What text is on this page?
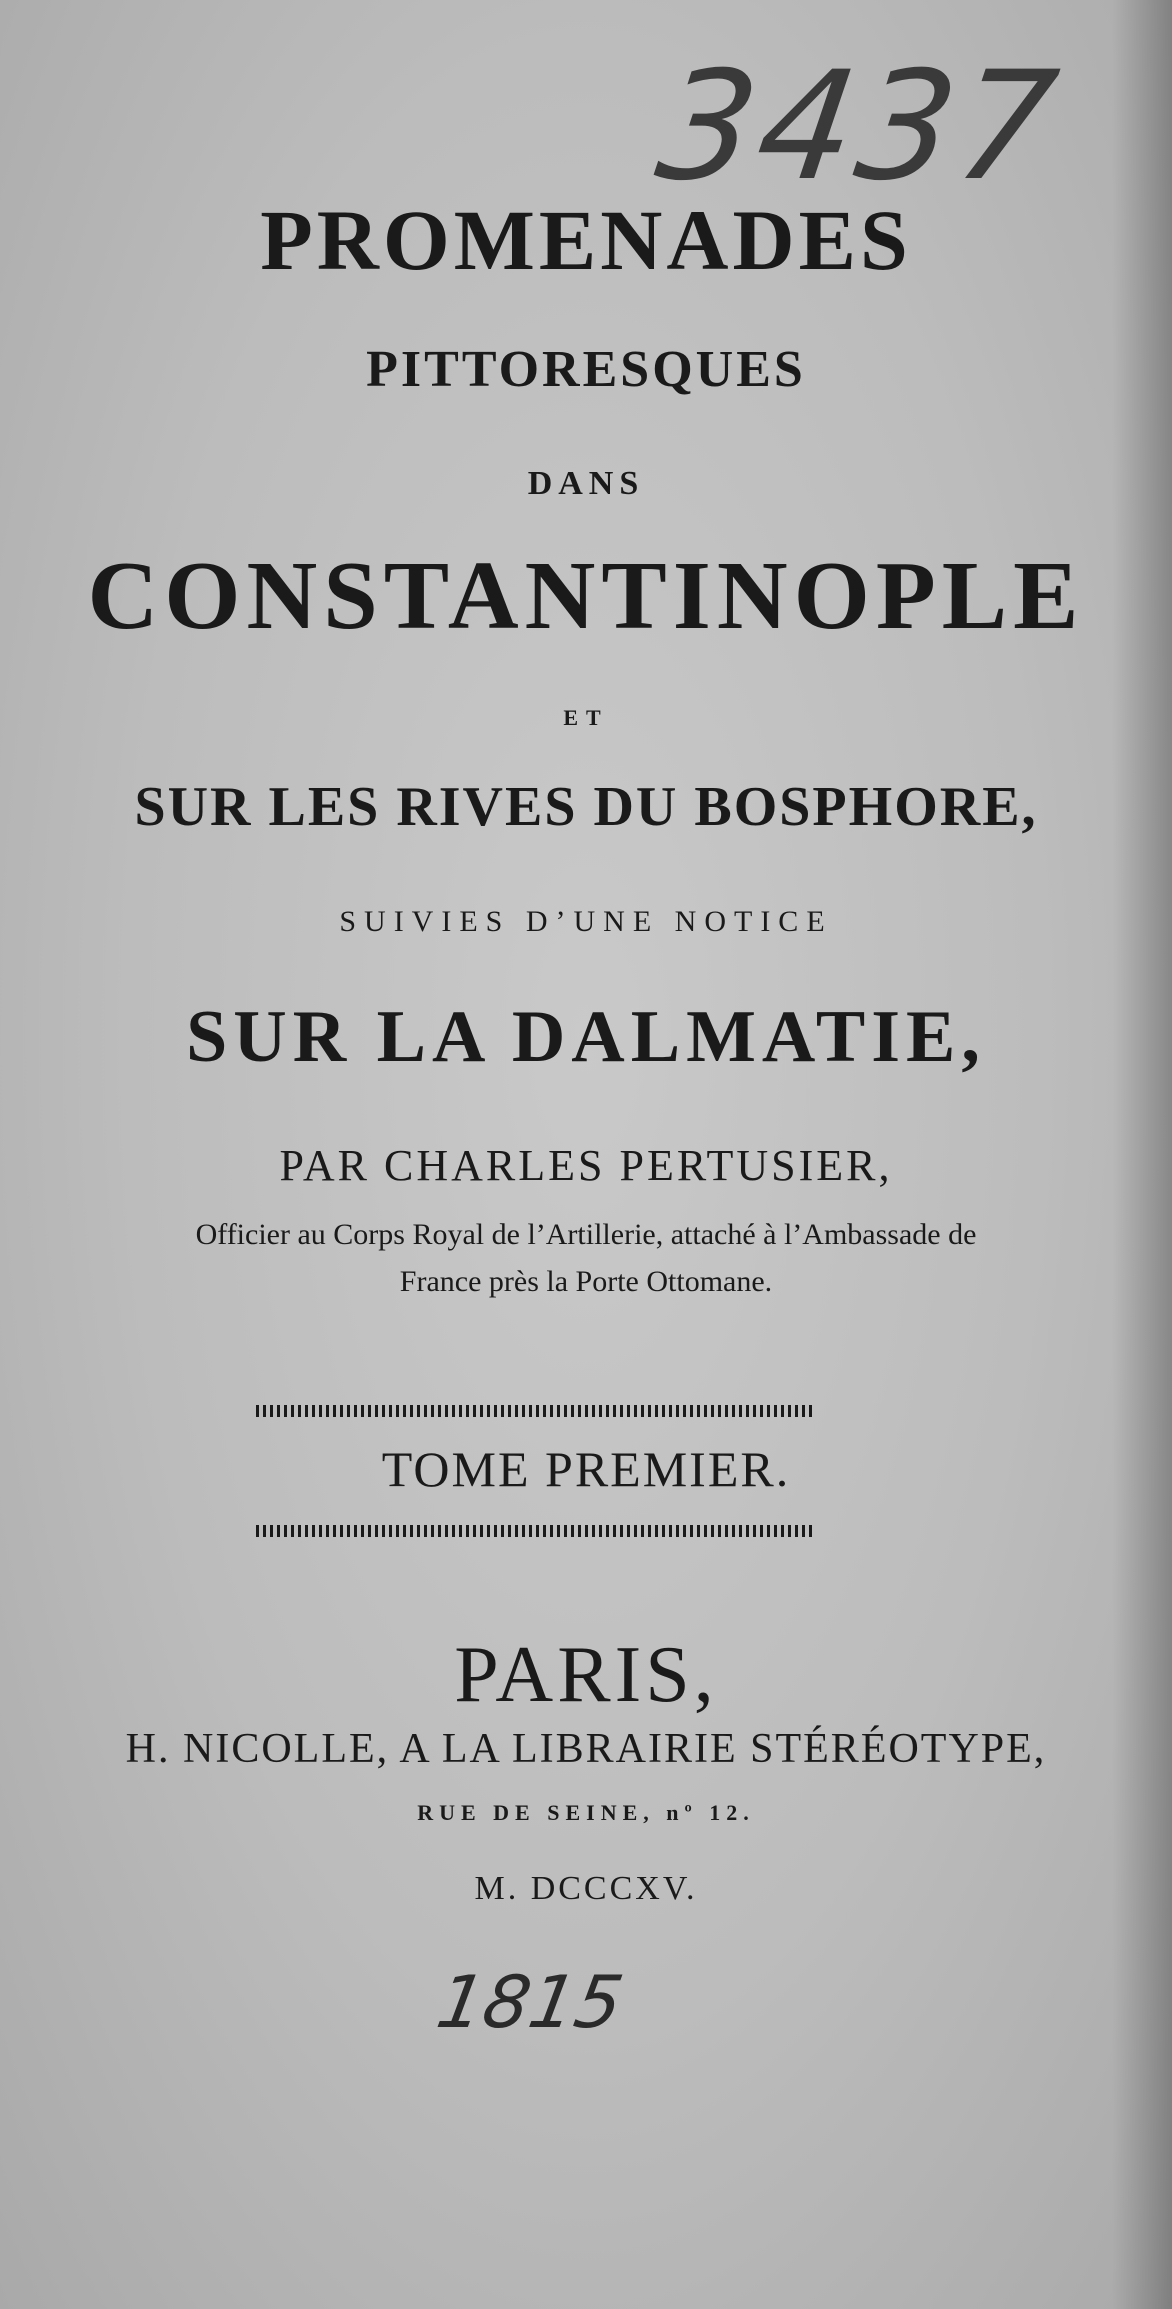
3437
PROMENADES
PITTORESQUES
DANS
CONSTANTINOPLE
ET
SUR LES RIVES DU BOSPHORE,
SUIVIES D’UNE NOTICE
SUR LA DALMATIE,
PAR CHARLES PERTUSIER,
Officier au Corps Royal de l’Artillerie, attaché à l’Ambassade de
France près la Porte Ottomane.
TOME PREMIER.
PARIS,
H. NICOLLE, A LA LIBRAIRIE STÉRÉOTYPE,
RUE DE SEINE, nº 12.
M. DCCCXV.
1815
